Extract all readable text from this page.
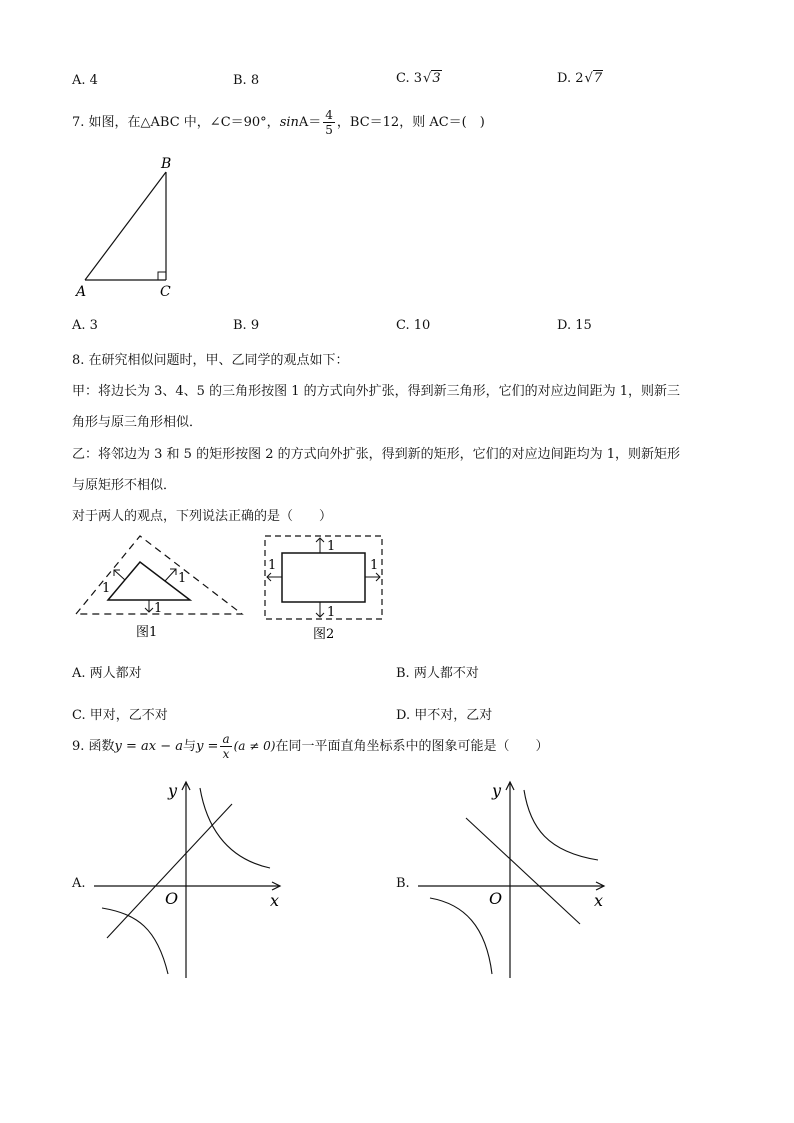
A. 4	B. 8	C. 3√3	D. 2√7
7. 如图，在△ABC 中，∠C＝90°，$\sin A= \frac{4}{5}$ ，BC＝12，则 AC＝(　)
B
A	C
A. 3	B. 9	C. 10	D. 15
8. 在研究相似问题时，甲、乙同学的观点如下：
甲：将边长为 3、4、5 的三角形按图 1 的方式向外扩张，得到新三角形，它们的对应边间距为 1，则新三
角形与原三角形相似．
乙：将邻边为 3 和 5 的矩形按图 2 的方式向外扩张，得到新的矩形，它们的对应边间距均为 1，则新矩形
与原矩形不相似．
对于两人的观点，下列说法正确的是（　　）
1
1
1
图1
1
1
1	1
图2
A. 两人都对	B. 两人都不对
C. 甲对，乙不对	D. 甲不对，乙对
9. 函数y = ax − a与$y = \frac{a}{x} (a \ne 0)$在同一平面直角坐标系中的图象可能是（　　）
A.
y
x
O
B.
y
x
O
